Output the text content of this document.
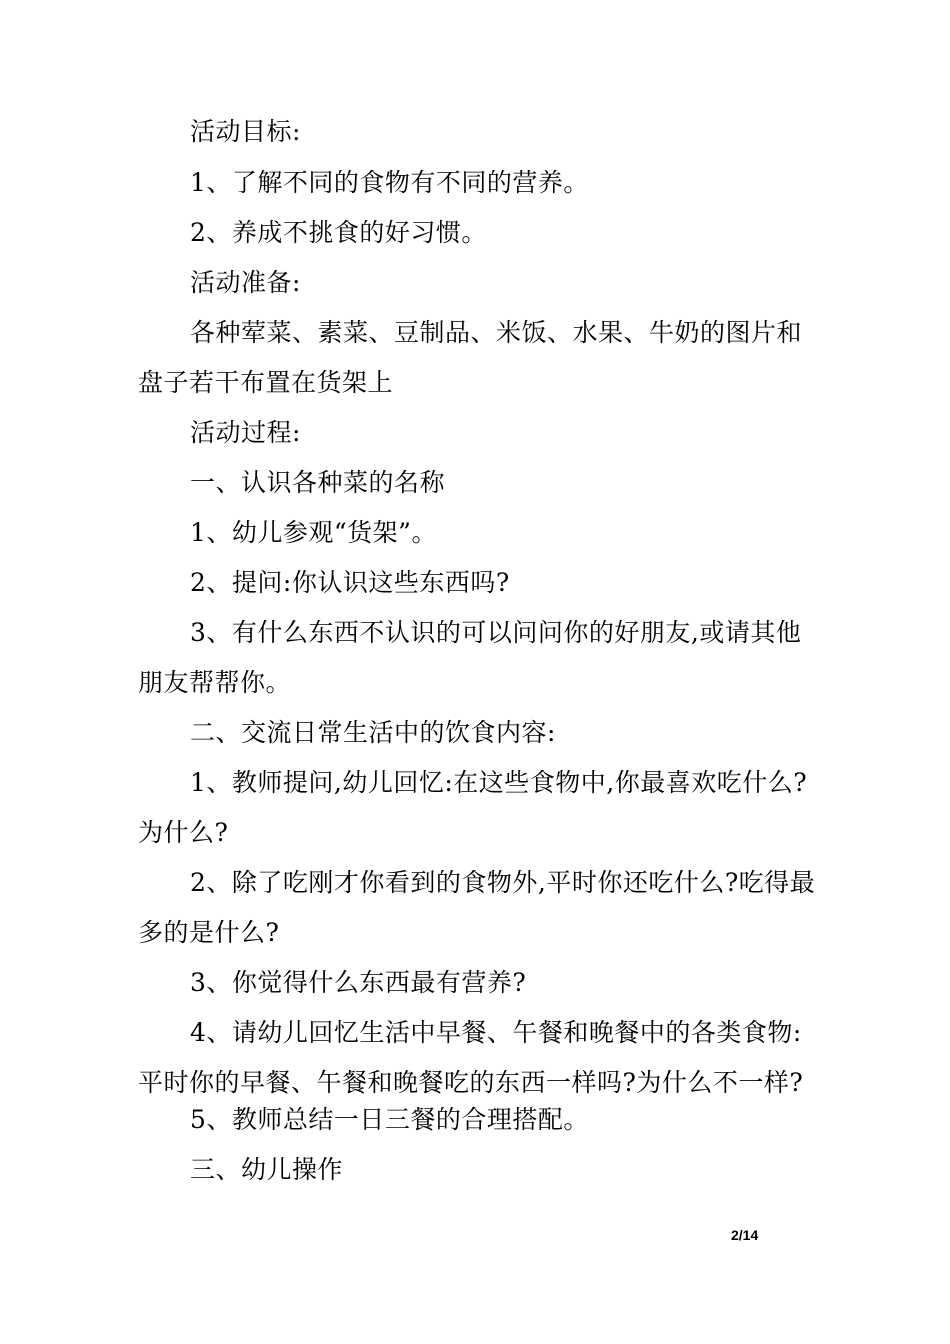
活动目标:

1、了解不同的食物有不同的营养。

2、养成不挑食的好习惯。

活动准备:

各种荤菜、素菜、豆制品、米饭、水果、牛奶的图片和

盘子若干布置在货架上

活动过程:

一、认识各种菜的名称

1、幼儿参观“货架”。

2、提问:你认识这些东西吗?

3、有什么东西不认识的可以问问你的好朋友,或请其他

朋友帮帮你。

二、交流日常生活中的饮食内容:

1、教师提问,幼儿回忆:在这些食物中,你最喜欢吃什么?

为什么?

2、除了吃刚才你看到的食物外,平时你还吃什么?吃得最

多的是什么?

3、你觉得什么东西最有营养?

4、请幼儿回忆生活中早餐、午餐和晚餐中的各类食物:

平时你的早餐、午餐和晚餐吃的东西一样吗?为什么不一样?

5、教师总结一日三餐的合理搭配。

三、幼儿操作

2/14
